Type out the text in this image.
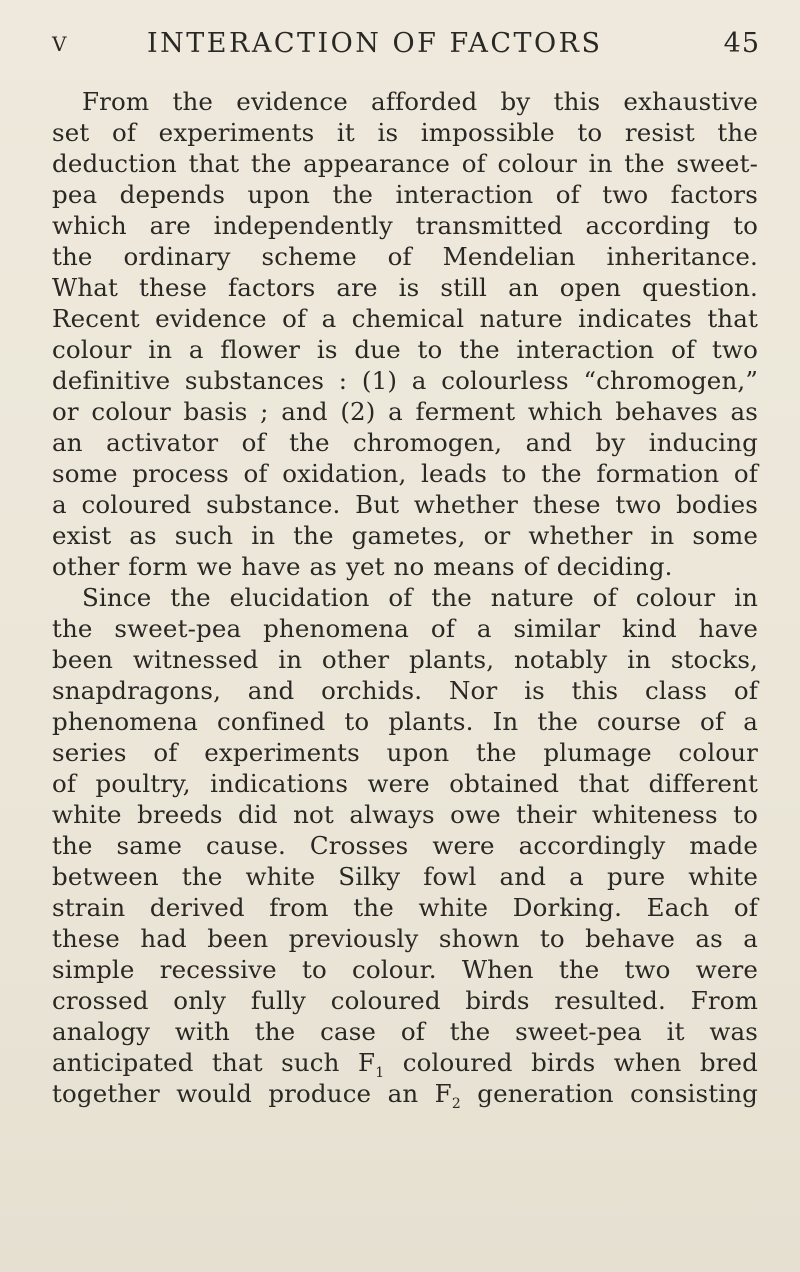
V	INTERACTION OF FACTORS	45
From the evidence afforded by this exhaustive
set of experiments it is impossible to resist the
deduction that the appearance of colour in the sweet-
pea depends upon the interaction of two factors
which are independently transmitted according to
the ordinary scheme of Mendelian inheritance.
What these factors are is still an open question.
Recent evidence of a chemical nature indicates that
colour in a flower is due to the interaction of two
definitive substances : (1) a colourless “chromogen,”
or colour basis ; and (2) a ferment which behaves as
an activator of the chromogen, and by inducing
some process of oxidation, leads to the formation of
a coloured substance. But whether these two bodies
exist as such in the gametes, or whether in some
other form we have as yet no means of deciding.
Since the elucidation of the nature of colour in
the sweet-pea phenomena of a similar kind have
been witnessed in other plants, notably in stocks,
snapdragons, and orchids. Nor is this class of
phenomena confined to plants. In the course of a
series of experiments upon the plumage colour
of poultry, indications were obtained that different
white breeds did not always owe their whiteness to
the same cause. Crosses were accordingly made
between the white Silky fowl and a pure white
strain derived from the white Dorking. Each of
these had been previously shown to behave as a
simple recessive to colour. When the two were
crossed only fully coloured birds resulted. From
analogy with the case of the sweet-pea it was
anticipated that such $F_1$ coloured birds when bred
together would produce an $F_2$ generation consisting
